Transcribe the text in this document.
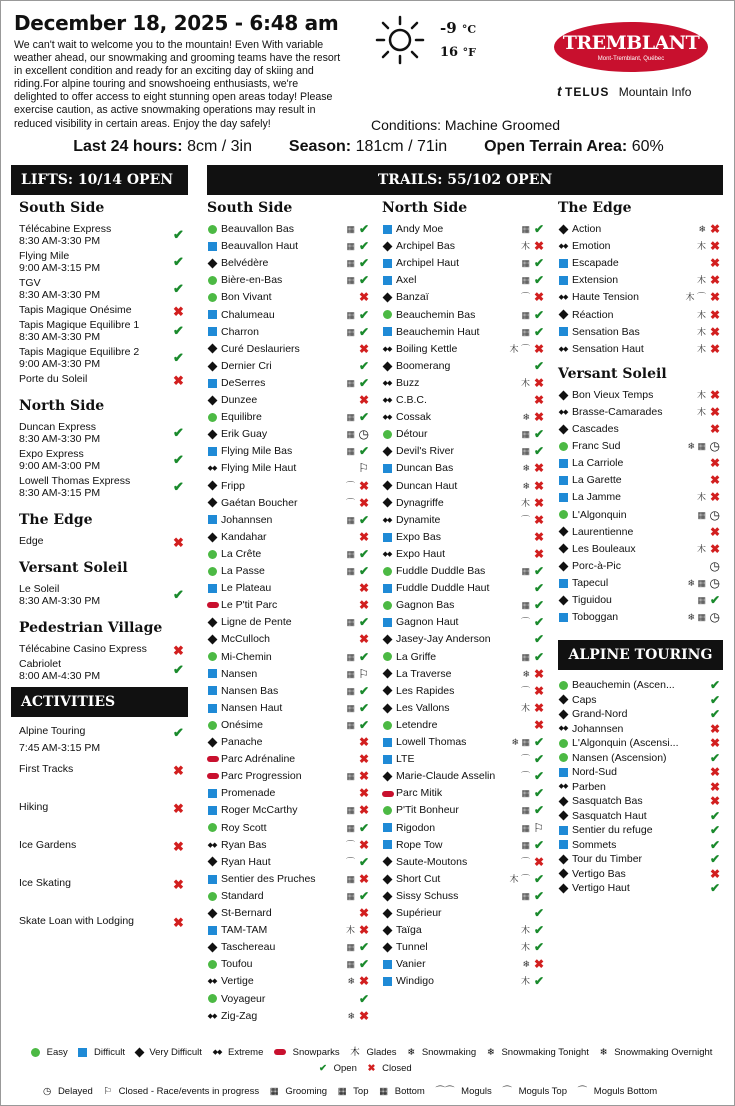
December 18, 2025 - 6:48 am
We can't wait to welcome you to the mountain! Even With variable weather ahead, our snowmaking and grooming teams have the resort in excellent condition and ready for an exciting day of skiing and riding.For alpine touring and snowshoeing enthusiasts, we're delighted to offer access to eight stunning open areas today! Please exercise caution, as active snowmaking operations may result in reduced visibility in certain areas. Enjoy the day safely!
-9 °C
16 °F	TREMBLANT
Mont-Tremblant, Québec
t TELUS Mountain Info
Conditions: Machine Groomed
Last 24 hours: 8cm / 3in Season: 181cm / 71in Open Terrain Area: 60%
LIFTS: 10/14 OPEN	TRAILS: 55/102 OPEN
ACTIVITIES
ALPINE TOURING
South Side
Télécabine Express
8:30 AM-3:30 PM	✔
Flying Mile
9:00 AM-3:15 PM	✔
TGV
8:30 AM-3:30 PM	✔
Tapis Magique Onésime	✖
Tapis Magique Equilibre 1
8:30 AM-3:30 PM	✔
Tapis Magique Equilibre 2
9:00 AM-3:30 PM	✔
Porte du Soleil	✖
North Side
Duncan Express
8:30 AM-3:30 PM	✔
Expo Express
9:00 AM-3:00 PM	✔
Lowell Thomas Express
8:30 AM-3:15 PM	✔
The Edge
Edge	✖
Versant Soleil
Le Soleil
8:30 AM-3:30 PM	✔
Pedestrian Village
Télécabine Casino Express	✖
Cabriolet
8:00 AM-4:30 PM	✔
Alpine Touring
7:45 AM-3:15 PM
✔
First Tracks	✖
Hiking	✖
Ice Gardens	✖
Ice Skating	✖
Skate Loan with Lodging	✖
South Side
Beauvallon Bas	▦ ✔
Beauvallon Haut	▦ ✔
Belvédère	▦ ✔
Bière-en-Bas	▦ ✔
Bon Vivant	✖
Chalumeau	▦ ✔
Charron	▦ ✔
Curé Deslauriers	✖
Dernier Cri	✔
DeSerres	▦ ✔
Dunzee	✖
Equilibre	▦ ✔
Erik Guay	▦ ◷
Flying Mile Bas	▦ ✔
◆◆ Flying Mile Haut	⚐
Fripp	⌒ ✖
Gaétan Boucher	⌒ ✖
Johannsen	▦ ✔
Kandahar	✖
La Crête	▦ ✔
La Passe	▦ ✔
Le Plateau	✖
Le P'tit Parc	✖
Ligne de Pente	▦ ✔
McCulloch	✖
Mi-Chemin	▦ ✔
Nansen	▦ ⚐
Nansen Bas	▦ ✔
Nansen Haut	▦ ✔
Onésime	▦ ✔
Panache	✖
Parc Adrénaline	✖
Parc Progression	▦ ✖
Promenade	✖
Roger McCarthy	▦ ✖
Roy Scott	▦ ✔
◆◆ Ryan Bas	⌒ ✖
Ryan Haut	⌒ ✔
Sentier des Pruches	▦ ✖
Standard	▦ ✔
St-Bernard	✖
TAM-TAM	⽊ ✖
Taschereau	▦ ✔
Toufou	▦ ✔
◆◆ Vertige	❄ ✖
Voyageur	✔
◆◆ Zig-Zag	❄ ✖
North Side
Andy Moe	▦ ✔
Archipel Bas	⽊ ✖
Archipel Haut	▦ ✔
Axel	▦ ✔
Banzaï	⌒ ✖
Beauchemin Bas	▦ ✔
Beauchemin Haut	▦ ✔
◆◆ Boiling Kettle	⽊ ⌒ ✖
Boomerang	✔
◆◆ Buzz	⽊ ✖
◆◆ C.B.C.	✖
◆◆ Cossak	❄ ✖
Détour	▦ ✔
Devil's River	▦ ✔
Duncan Bas	❄ ✖
Duncan Haut	❄ ✖
Dynagriffe	⽊ ✖
◆◆ Dynamite	⌒ ✖
Expo Bas	✖
◆◆ Expo Haut	✖
Fuddle Duddle Bas	▦ ✔
Fuddle Duddle Haut	✔
Gagnon Bas	▦ ✔
Gagnon Haut	⌒ ✔
Jasey-Jay Anderson	✔
La Griffe	▦ ✔
La Traverse	❄ ✖
Les Rapides	⌒ ✖
Les Vallons	⽊ ✖
Letendre	✖
Lowell Thomas	❄ ▦ ✔
LTE	⌒ ✔
Marie-Claude Asselin	⌒ ✔
Parc Mitik	▦ ✔
P'Tit Bonheur	▦ ✔
Rigodon	▦ ⚐
Rope Tow	▦ ✔
Saute-Moutons	⌒ ✖
Short Cut	⽊ ⌒ ✔
Sissy Schuss	▦ ✔
Supérieur	✔
Taïga	⽊ ✔
Tunnel	⽊ ✔
Vanier	❄ ✖
Windigo	⽊ ✔
The Edge
Action	❄ ✖
◆◆ Emotion	⽊ ✖
Escapade	✖
Extension	⽊ ✖
◆◆ Haute Tension	⽊ ⌒ ✖
Réaction	⽊ ✖
Sensation Bas	⽊ ✖
◆◆ Sensation Haut	⽊ ✖
Versant Soleil
Bon Vieux Temps	⽊ ✖
◆◆ Brasse-Camarades	⽊ ✖
Cascades	✖
Franc Sud	❄ ▦ ◷
La Carriole	✖
La Garette	✖
La Jamme	⽊ ✖
L'Algonquin	▦ ◷
Laurentienne	✖
Les Bouleaux	⽊ ✖
Porc-à-Pic	◷
Tapecul	❄ ▦ ◷
Tiguidou	▦ ✔
Toboggan	❄ ▦ ◷
Beauchemin (Ascen...	✔
Caps	✔
Grand-Nord	✔
◆◆ Johannsen	✖
L'Algonquin (Ascensi...	✖
Nansen (Ascension)	✔
Nord-Sud	✖
◆◆ Parben	✖
Sasquatch Bas	✖
Sasquatch Haut	✔
Sentier du refuge	✔
Sommets	✔
Tour du Timber	✔
Vertigo Bas	✖
Vertigo Haut	✔
Easy	Difficult	Very Difficult ◆◆ Extreme	Snowparks ⽊ Glades ❄ Snowmaking ❄ Snowmaking Tonight ❄ Snowmaking Overnight
✔ Open ✖ Closed
◷ Delayed ⚐ Closed - Race/events in progress ▦ Grooming ▦ Top ▦ Bottom ⌒⌒ Moguls ⌒ Moguls Top ⌒ Moguls Bottom
